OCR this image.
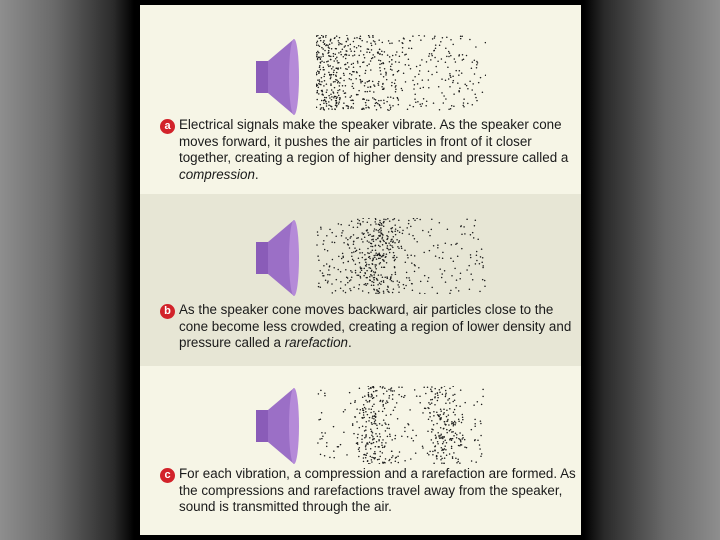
a Electrical signals make the speaker vibrate. As the speaker cone moves forward, it pushes the air particles in front of it closer together, creating a region of higher density and pressure called a compression.
b As the speaker cone moves backward, air particles close to the cone become less crowded, creating a region of lower density and pressure called a rarefaction.
c For each vibration, a compression and a rarefaction are formed. As the compressions and rarefactions travel away from the speaker, sound is transmitted through the air.
